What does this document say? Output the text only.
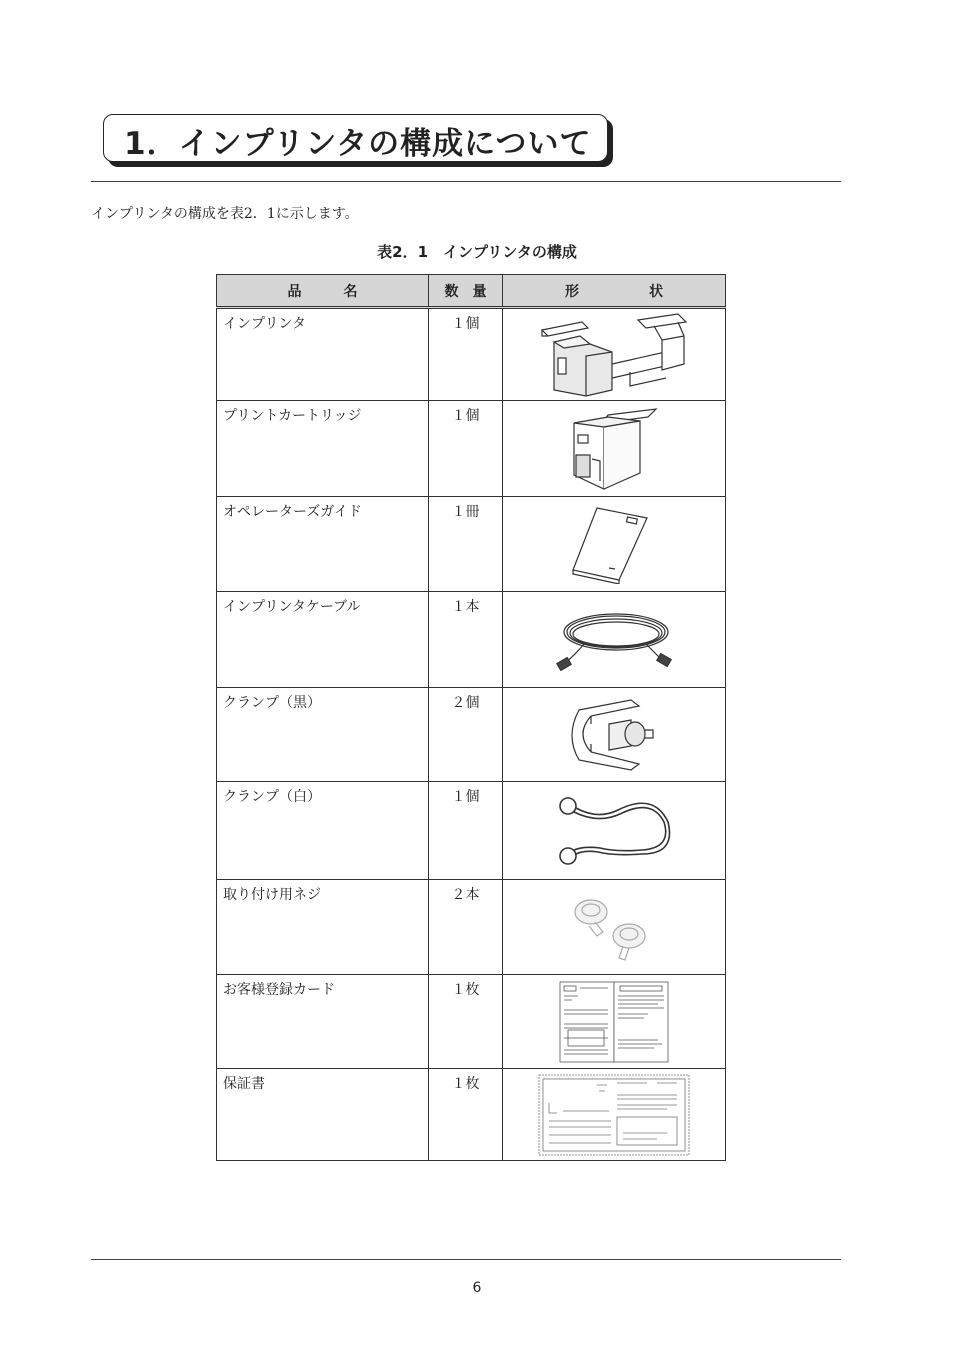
1．インプリンタの構成について
インプリンタの構成を表2．1に示します。
表2．1　インプリンタの構成
品　　　名	数　量	形　　　　　状
インプリンタ	１個	

プリントカートリッジ	１個	

オペレーターズガイド	１冊	

インプリンタケーブル	１本	

クランプ（黒）	２個	

クランプ（白）	１個	

取り付け用ネジ	２本	

お客様登録カード	１枚	

保証書	１枚	
6
